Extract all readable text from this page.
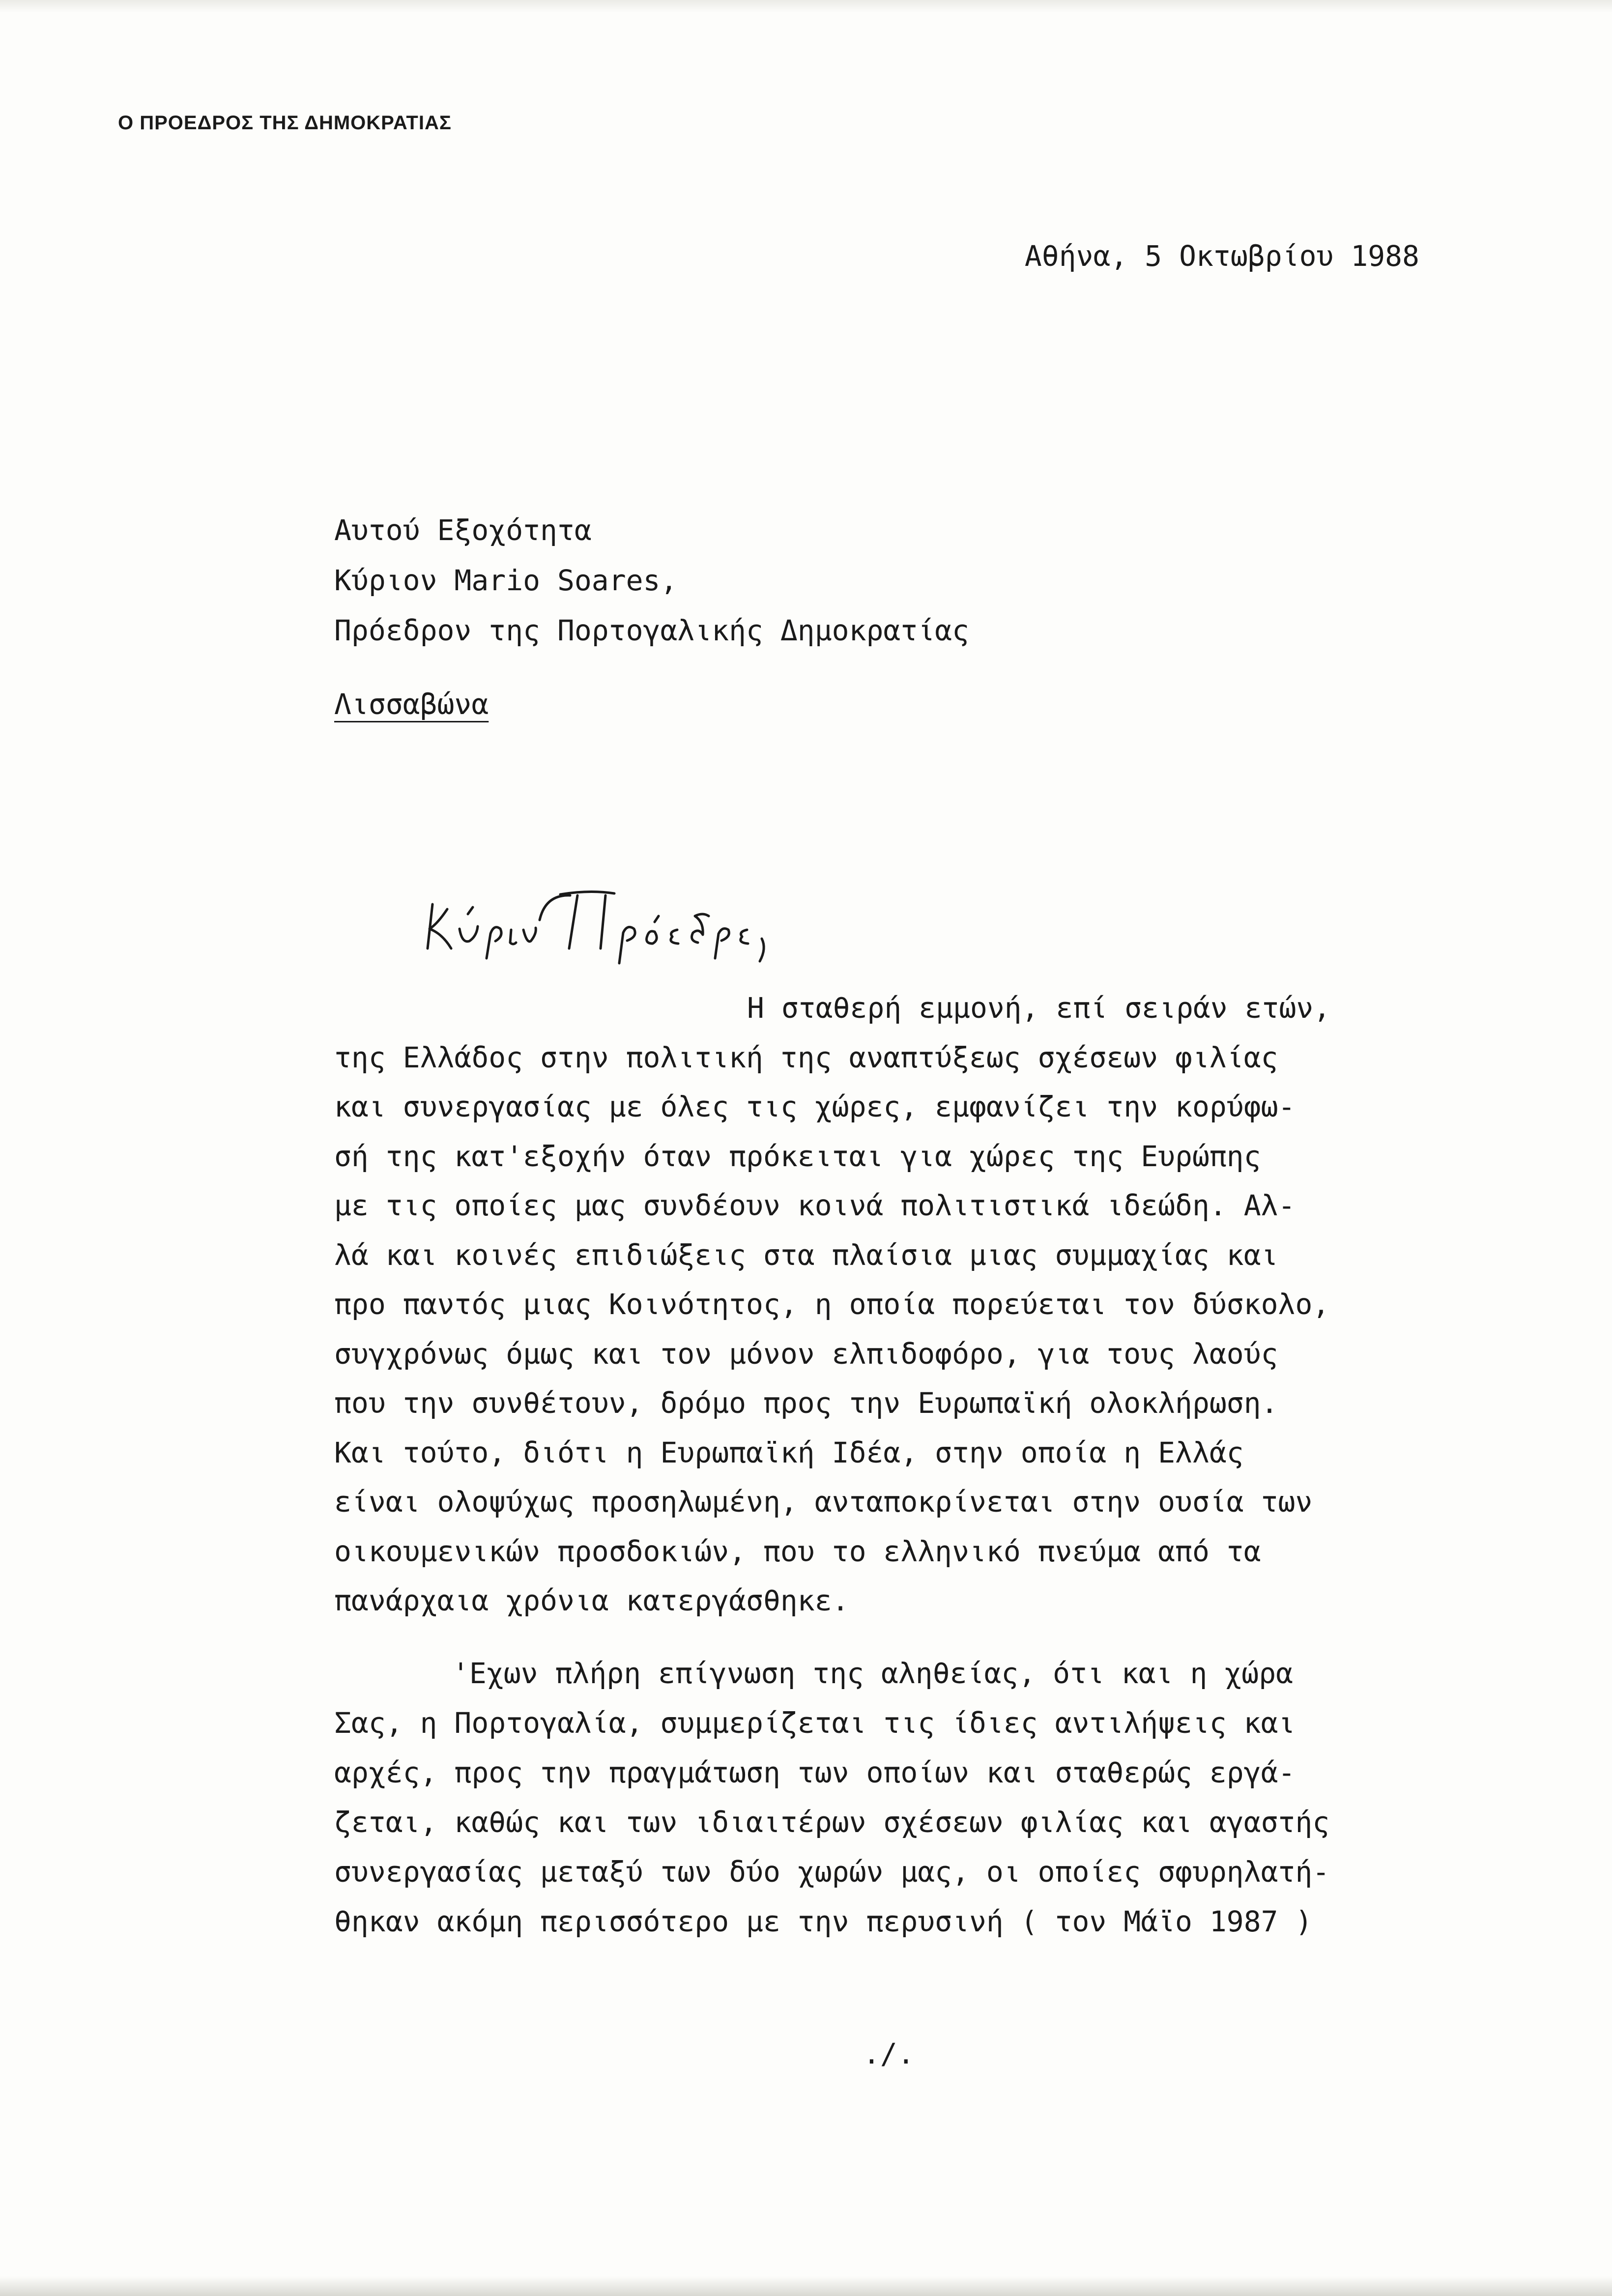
Ο ΠΡΟΕΔΡΟΣ ΤΗΣ ΔΗΜΟΚΡΑΤΙΑΣ
Αθήνα, 5 Οκτωβρίου 1988
Αυτού Εξοχότητα
Κύριον Mario Soares,
Πρόεδρον της Πορτογαλικής Δημοκρατίας
Λισσαβώνα
Η σταθερή εμμονή, επί σειράν ετών,
της Ελλάδος στην πολιτική της αναπτύξεως σχέσεων φιλίας
και συνεργασίας με όλες τις χώρες, εμφανίζει την κορύφω-
σή της κατ'εξοχήν όταν πρόκειται για χώρες της Ευρώπης
με τις οποίες μας συνδέουν κοινά πολιτιστικά ιδεώδη. Αλ-
λά και κοινές επιδιώξεις στα πλαίσια μιας συμμαχίας και
προ παντός μιας Κοινότητος, η οποία πορεύεται τον δύσκολο,
συγχρόνως όμως και τον μόνον ελπιδοφόρο, για τους λαούς
που την συνθέτουν, δρόμο προς την Ευρωπαϊκή ολοκλήρωση.
Και τούτο, διότι η Ευρωπαϊκή Ιδέα, στην οποία η Ελλάς
είναι ολοψύχως προσηλωμένη, ανταποκρίνεται στην ουσία των
οικουμενικών προσδοκιών, που το ελληνικό πνεύμα από τα
πανάρχαια χρόνια κατεργάσθηκε.
'Εχων πλήρη επίγνωση της αληθείας, ότι και η χώρα
Σας, η Πορτογαλία, συμμερίζεται τις ίδιες αντιλήψεις και
αρχές, προς την πραγμάτωση των οποίων και σταθερώς εργά-
ζεται, καθώς και των ιδιαιτέρων σχέσεων φιλίας και αγαστής
συνεργασίας μεταξύ των δύο χωρών μας, οι οποίες σφυρηλατή-
θηκαν ακόμη περισσότερο με την περυσινή ( τον Μάϊο 1987 )
./.
